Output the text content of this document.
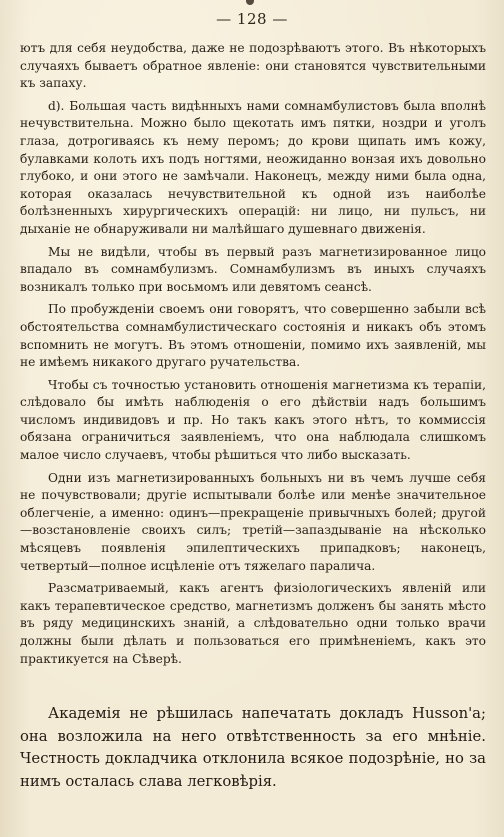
— 128 —

ютъ для себя неудобства, даже не подозрѣваютъ этого. Въ нѣкоторыхъ случаяхъ бываетъ обратное явленіе: они становятся чувствительными къ запаху.

d). Большая часть видѣнныхъ нами сомнамбулистовъ была вполнѣ нечувствительна. Можно было щекотать имъ пятки, ноздри и уголъ глаза, дотрогиваясь къ нему перомъ; до крови щипать имъ кожу, булавками колоть ихъ подъ ногтями, неожиданно вонзая ихъ довольно глубоко, и они этого не замѣчали. Наконецъ, между ними была одна, которая оказалась нечувствительной къ одной изъ наиболѣе болѣзненныхъ хирургическихъ операцій: ни лицо, ни пульсъ, ни дыханіе не обнаруживали ни малѣйшаго душевнаго движенія.

Мы не видѣли, чтобы въ первый разъ магнетизированное лицо впадало въ сомнамбулизмъ. Сомнамбулизмъ въ иныхъ случаяхъ возникалъ только при восьмомъ или девятомъ сеансѣ.

По пробужденіи своемъ они говорятъ, что совершенно забыли всѣ обстоятельства сомнамбулистическаго состоянія и никакъ объ этомъ вспомнить не могутъ. Въ этомъ отношеніи, помимо ихъ заявленій, мы не имѣемъ никакого другаго ручательства.

Чтобы съ точностью установить отношенія магнетизма къ терапіи, слѣдовало бы имѣть наблюденія о его дѣйствіи надъ большимъ числомъ индивидовъ и пр. Но такъ какъ этого нѣтъ, то коммиссія обязана ограничиться заявленіемъ, что она наблюдала слишкомъ малое число случаевъ, чтобы рѣшиться что либо высказать.

Одни изъ магнетизированныхъ больныхъ ни въ чемъ лучше себя не почувствовали; другіе испытывали болѣе или менѣе значительное облегченіе, а именно: одинъ—прекращеніе привычныхъ болей; другой—возстановленіе своихъ силъ; третій—запаздываніе на нѣсколько мѣсяцевъ появленія эпилептическихъ припадковъ; наконецъ, четвертый—полное исцѣленіе отъ тяжелаго паралича.

Разсматриваемый, какъ агентъ физіологическихъ явленій или какъ терапевтическое средство, магнетизмъ долженъ бы занять мѣсто въ ряду медицинскихъ знаній, а слѣдовательно одни только врачи должны были дѣлать и пользоваться его примѣненіемъ, какъ это практикуется на Сѣверѣ.

Академія не рѣшилась напечатать докладъ Husson'а; она возложила на него отвѣтственность за его мнѣніе. Честность докладчика отклонила всякое подозрѣніе, но за нимъ осталась слава легковѣрія.
